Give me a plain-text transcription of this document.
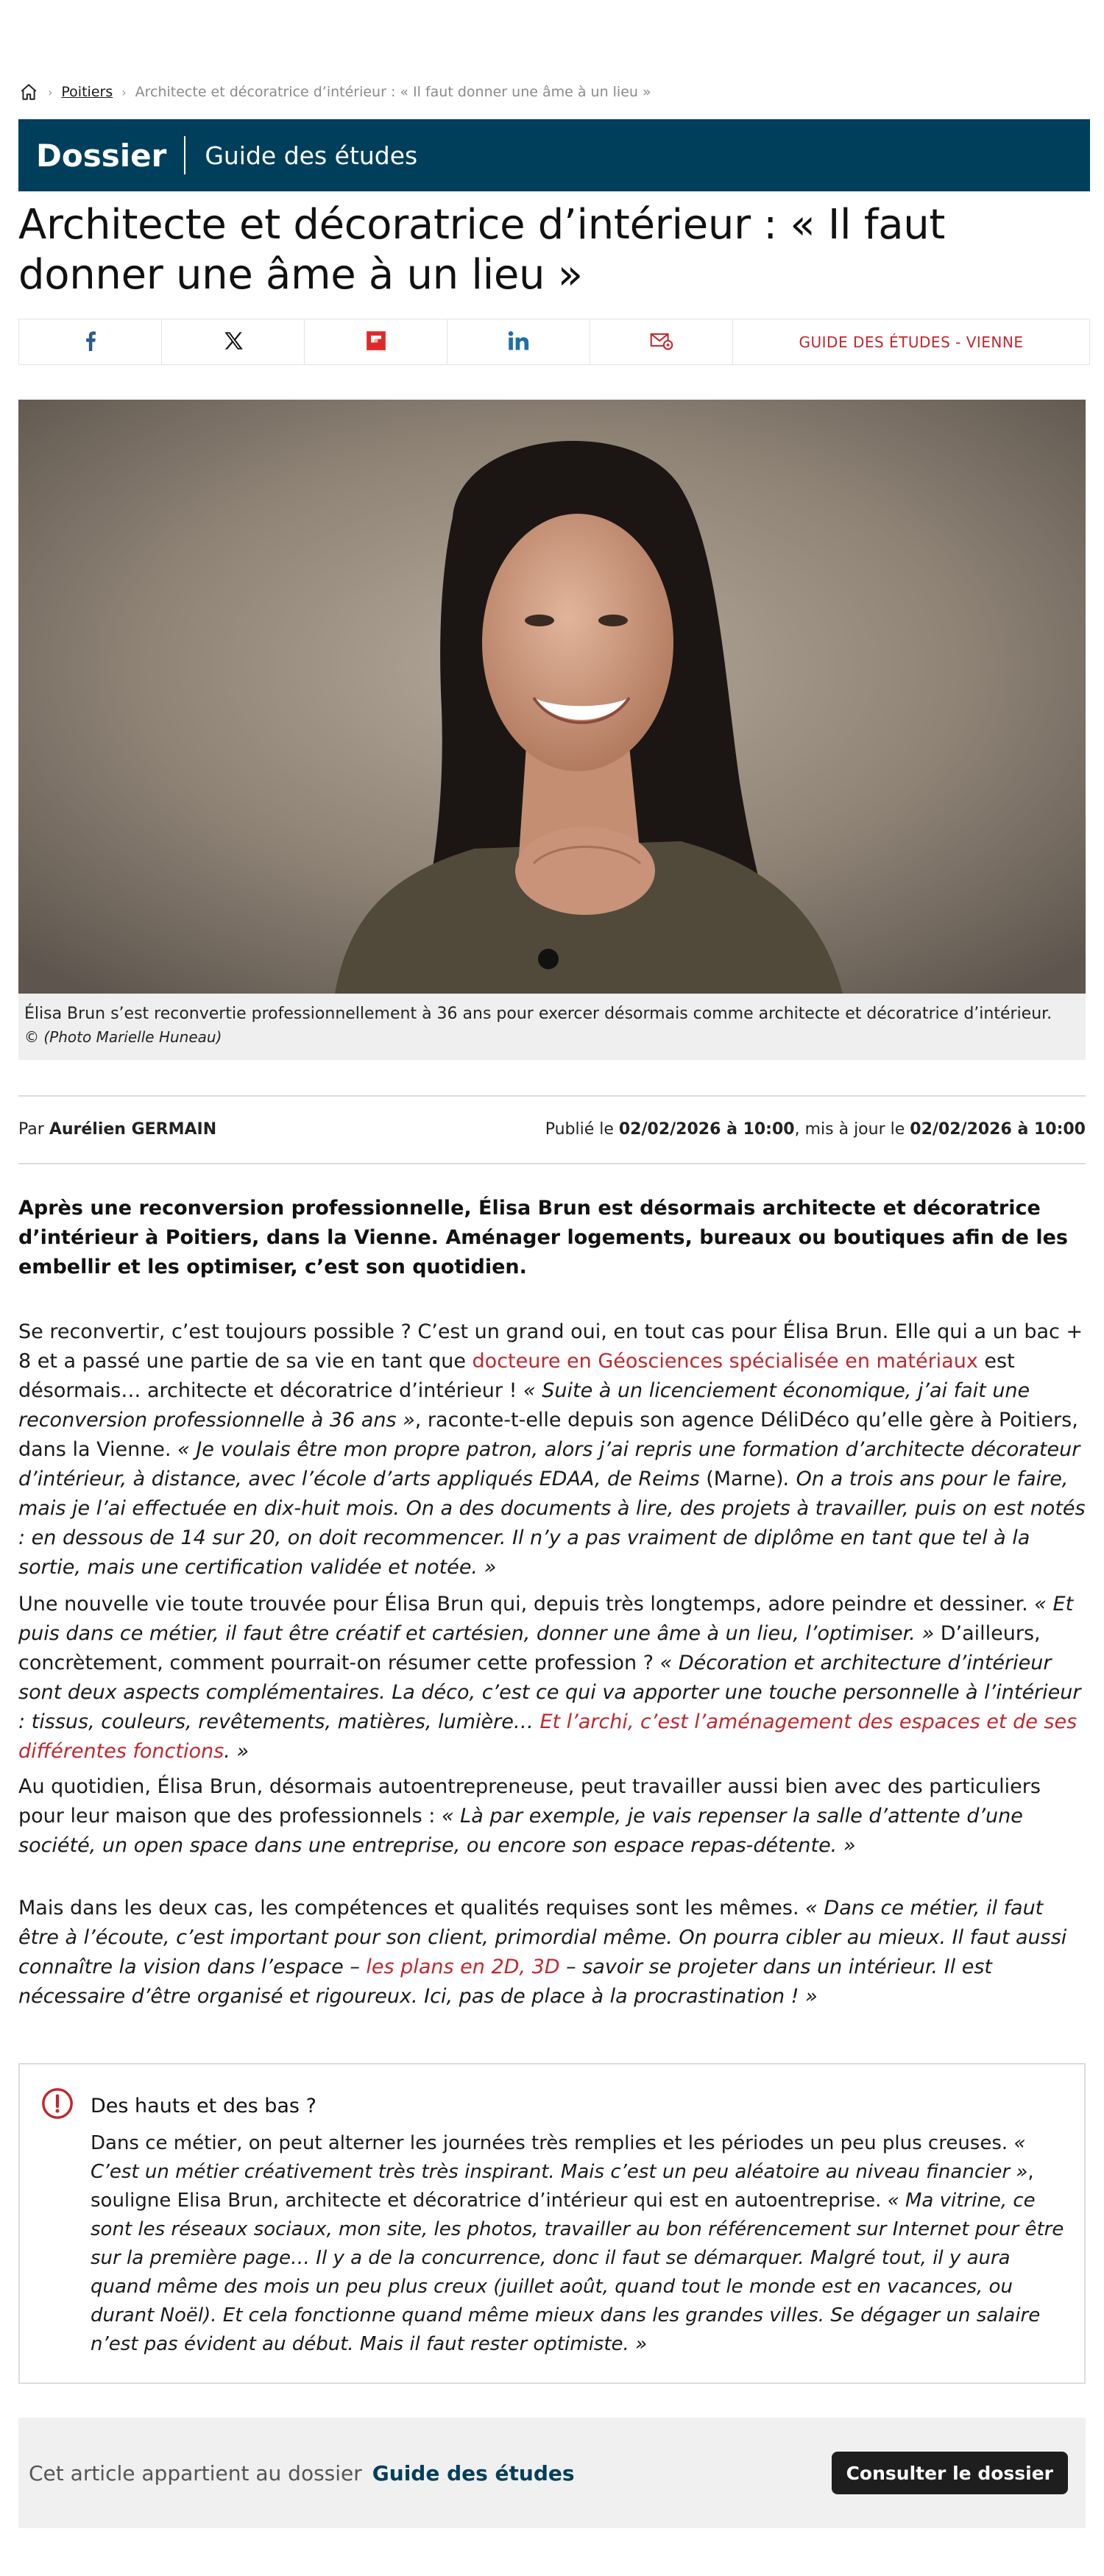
› Poitiers › Architecte et décoratrice d’intérieur : « Il faut donner une âme à un lieu »
Dossier	Guide des études
Architecte et décoratrice d’intérieur : « Il faut donner une âme à un lieu »
GUIDE DES ÉTUDES - VIENNE
Élisa Brun s’est reconvertie professionnellement à 36 ans pour exercer désormais comme architecte et décoratrice d’intérieur.
© (Photo Marielle Huneau)
Par Aurélien GERMAIN	Publié le 02/02/2026 à 10:00, mis à jour le 02/02/2026 à 10:00

Après une reconversion professionnelle, Élisa Brun est désormais architecte et décoratrice d’intérieur à Poitiers, dans la Vienne. Aménager logements, bureaux ou boutiques afin de les embellir et les optimiser, c’est son quotidien.

Se reconvertir, c’est toujours possible ? C’est un grand oui, en tout cas pour Élisa Brun. Elle qui a un bac + 8 et a passé une partie de sa vie en tant que docteure en Géosciences spécialisée en matériaux est désormais… architecte et décoratrice d’intérieur ! « Suite à un licenciement économique, j’ai fait une reconversion professionnelle à 36 ans », raconte-t-elle depuis son agence DéliDéco qu’elle gère à Poitiers, dans la Vienne. « Je voulais être mon propre patron, alors j’ai repris une formation d’architecte décorateur d’intérieur, à distance, avec l’école d’arts appliqués EDAA, de Reims (Marne). On a trois ans pour le faire, mais je l’ai effectuée en dix-huit mois. On a des documents à lire, des projets à travailler, puis on est notés : en dessous de 14 sur 20, on doit recommencer. Il n’y a pas vraiment de diplôme en tant que tel à la sortie, mais une certification validée et notée. »

Une nouvelle vie toute trouvée pour Élisa Brun qui, depuis très longtemps, adore peindre et dessiner. « Et puis dans ce métier, il faut être créatif et cartésien, donner une âme à un lieu, l’optimiser. » D’ailleurs, concrètement, comment pourrait-on résumer cette profession ? « Décoration et architecture d’intérieur sont deux aspects complémentaires. La déco, c’est ce qui va apporter une touche personnelle à l’intérieur : tissus, couleurs, revêtements, matières, lumière… Et l’archi, c’est l’aménagement des espaces et de ses différentes fonctions. »

Au quotidien, Élisa Brun, désormais autoentrepreneuse, peut travailler aussi bien avec des particuliers pour leur maison que des professionnels : « Là par exemple, je vais repenser la salle d’attente d’une société, un open space dans une entreprise, ou encore son espace repas-détente. »

Mais dans les deux cas, les compétences et qualités requises sont les mêmes. « Dans ce métier, il faut être à l’écoute, c’est important pour son client, primordial même. On pourra cibler au mieux. Il faut aussi connaître la vision dans l’espace – les plans en 2D, 3D – savoir se projeter dans un intérieur. Il est nécessaire d’être organisé et rigoureux. Ici, pas de place à la procrastination ! »

Des hauts et des bas ?

Dans ce métier, on peut alterner les journées très remplies et les périodes un peu plus creuses. « C’est un métier créativement très très inspirant. Mais c’est un peu aléatoire au niveau financier », souligne Elisa Brun, architecte et décoratrice d’intérieur qui est en autoentreprise. « Ma vitrine, ce sont les réseaux sociaux, mon site, les photos, travailler au bon référencement sur Internet pour être sur la première page… Il y a de la concurrence, donc il faut se démarquer. Malgré tout, il y aura quand même des mois un peu plus creux (juillet août, quand tout le monde est en vacances, ou durant Noël). Et cela fonctionne quand même mieux dans les grandes villes. Se dégager un salaire n’est pas évident au début. Mais il faut rester optimiste. »

Cet article appartient au dossier Guide des études	Consulter le dossier
